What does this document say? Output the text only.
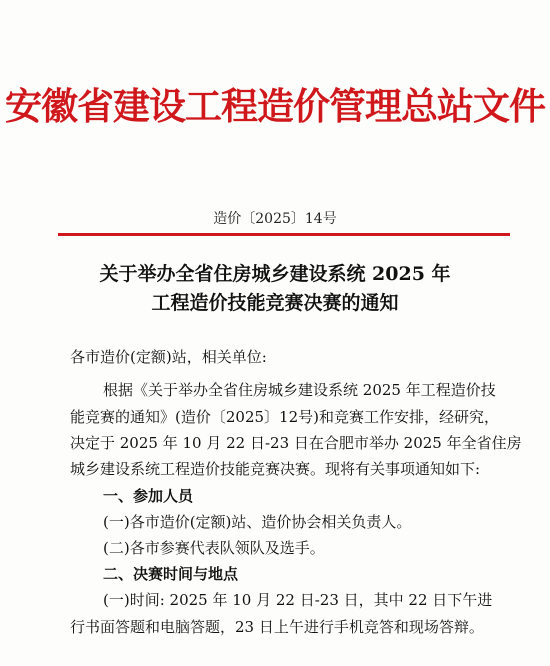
安徽省建设工程造价管理总站文件
造价〔2025〕14号
关于举办全省住房城乡建设系统 2025 年
工程造价技能竞赛决赛的通知
各市造价(定额)站，相关单位:
根据《关于举办全省住房城乡建设系统 2025 年工程造价技
能竞赛的通知》(造价〔2025〕12号)和竞赛工作安排，经研究，
决定于 2025 年 10 月 22 日-23 日在合肥市举办 2025 年全省住房
城乡建设系统工程造价技能竞赛决赛。现将有关事项通知如下:
一、参加人员
(一)各市造价(定额)站、造价协会相关负责人。
(二)各市参赛代表队领队及选手。
二、决赛时间与地点
(一)时间: 2025 年 10 月 22 日-23 日，其中 22 日下午进
行书面答题和电脑答题，23 日上午进行手机竞答和现场答辩。
